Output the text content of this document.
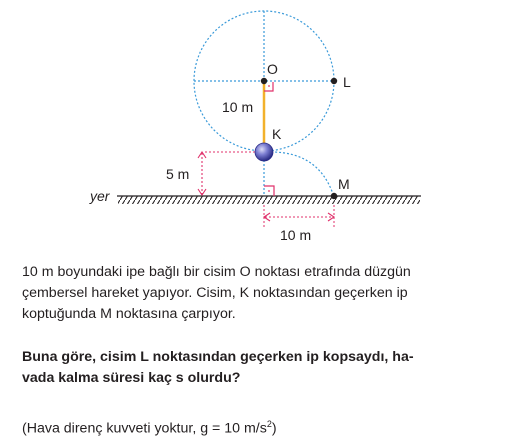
O
L
K
M
10 m
5 m
yer
10 m

10 m boyundaki ipe bağlı bir cisim O noktası etrafında düzgün
çembersel hareket yapıyor. Cisim, K noktasından geçerken ip
koptuğunda M noktasına çarpıyor.

Buna göre, cisim L noktasından geçerken ip kopsaydı, ha-
vada kalma süresi kaç s olurdu?

(Hava direnç kuvveti yoktur, g = 10 $m/s^2$)
